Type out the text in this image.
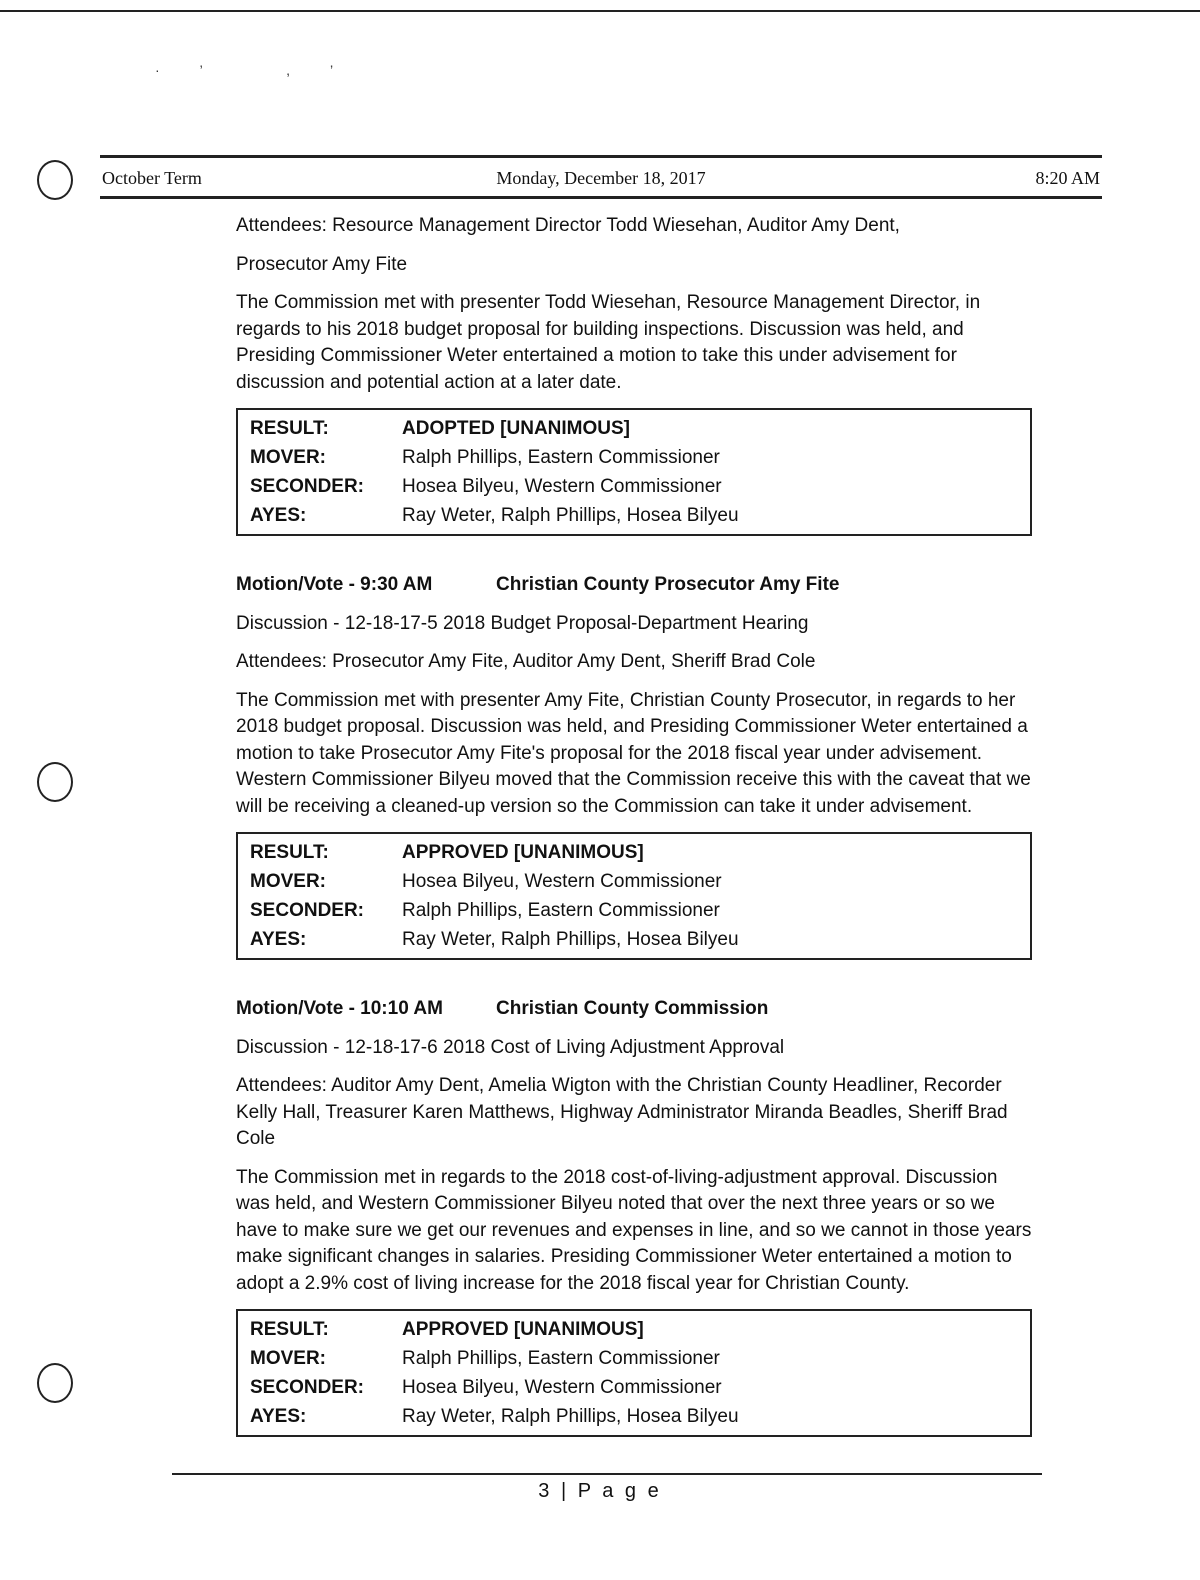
·’ ,’
October Term	Monday, December 18, 2017	8:20 AM

Attendees: Resource Management Director Todd Wiesehan, Auditor Amy Dent,

Prosecutor Amy Fite

The Commission met with presenter Todd Wiesehan, Resource Management Director, in regards to his 2018 budget proposal for building inspections. Discussion was held, and Presiding Commissioner Weter entertained a motion to take this under advisement for discussion and potential action at a later date.

RESULT:	ADOPTED [UNANIMOUS]
MOVER:	Ralph Phillips, Eastern Commissioner
SECONDER:	Hosea Bilyeu, Western Commissioner
AYES:	Ray Weter, Ralph Phillips, Hosea Bilyeu

Motion/Vote - 9:30 AM	Christian County Prosecutor Amy Fite

Discussion - 12-18-17-5 2018 Budget Proposal-Department Hearing

Attendees: Prosecutor Amy Fite, Auditor Amy Dent, Sheriff Brad Cole

The Commission met with presenter Amy Fite, Christian County Prosecutor, in regards to her 2018 budget proposal. Discussion was held, and Presiding Commissioner Weter entertained a motion to take Prosecutor Amy Fite's proposal for the 2018 fiscal year under advisement. Western Commissioner Bilyeu moved that the Commission receive this with the caveat that we will be receiving a cleaned-up version so the Commission can take it under advisement.

RESULT:	APPROVED [UNANIMOUS]
MOVER:	Hosea Bilyeu, Western Commissioner
SECONDER:	Ralph Phillips, Eastern Commissioner
AYES:	Ray Weter, Ralph Phillips, Hosea Bilyeu

Motion/Vote - 10:10 AM	Christian County Commission

Discussion - 12-18-17-6 2018 Cost of Living Adjustment Approval

Attendees: Auditor Amy Dent, Amelia Wigton with the Christian County Headliner, Recorder Kelly Hall, Treasurer Karen Matthews, Highway Administrator Miranda Beadles, Sheriff Brad Cole

The Commission met in regards to the 2018 cost-of-living-adjustment approval. Discussion was held, and Western Commissioner Bilyeu noted that over the next three years or so we have to make sure we get our revenues and expenses in line, and so we cannot in those years make significant changes in salaries. Presiding Commissioner Weter entertained a motion to adopt a 2.9% cost of living increase for the 2018 fiscal year for Christian County.

RESULT:	APPROVED [UNANIMOUS]
MOVER:	Ralph Phillips, Eastern Commissioner
SECONDER:	Hosea Bilyeu, Western Commissioner
AYES:	Ray Weter, Ralph Phillips, Hosea Bilyeu
3 | P a g e
